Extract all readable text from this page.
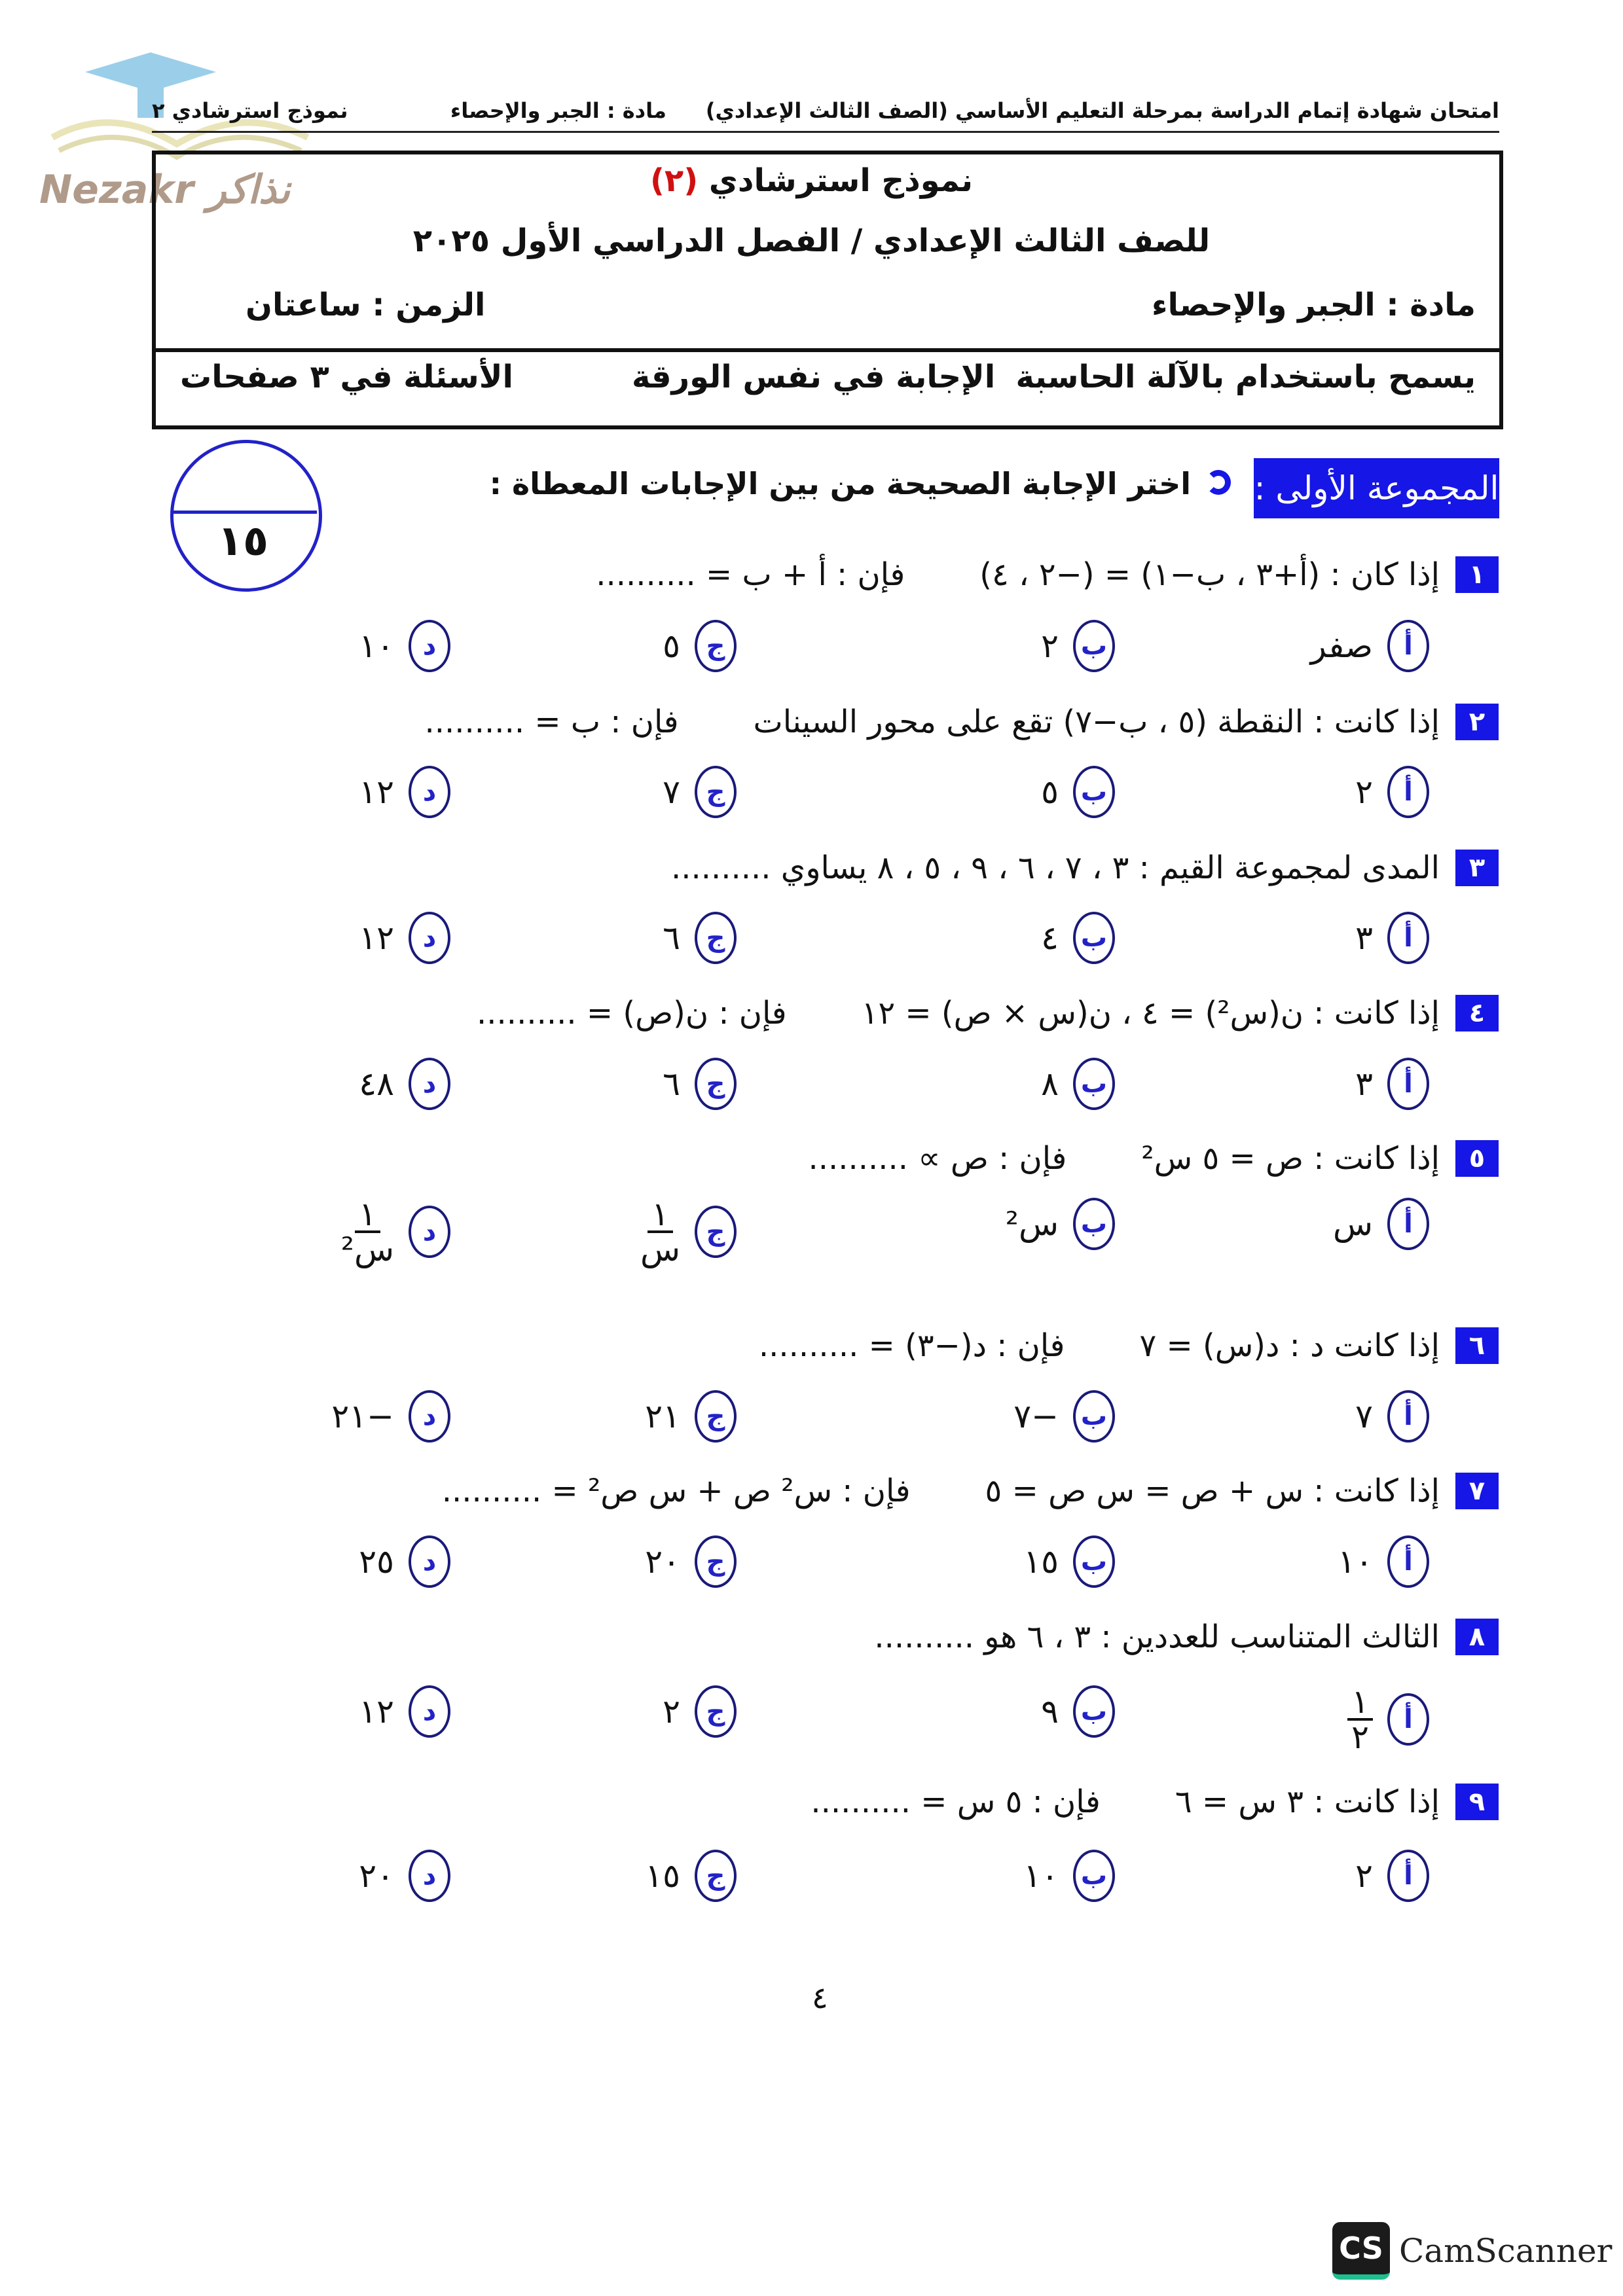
Nezakr نذاكر
امتحان شهادة إتمام الدراسة بمرحلة التعليم الأساسي (الصف الثالث الإعدادي)
مادة : الجبر والإحصاء
نموذج استرشادي ٢
نموذج استرشادي (٢)
للصف الثالث الإعدادي / الفصل الدراسي الأول ٢٠٢٥
مادة : الجبر والإحصاء
الزمن : ساعتان
يسمح باستخدام بالآلة الحاسبة
الإجابة في نفس الورقة
الأسئلة في ٣ صفحات
١٥
المجموعة الأولى :
اختر الإجابة الصحيحة من بين الإجابات المعطاة :
١
إذا كان : (أ+٣ ، ب−١) = (−٢ ، ٤)
فإن : أ + ب = ..........
أ
صفر
ب
٢
ج
٥
د
١٠
٢
إذا كانت : النقطة (٥ ، ب−٧) تقع على محور السينات
فإن : ب = ..........
أ
٢
ب
٥
ج
٧
د
١٢
٣
المدى لمجموعة القيم : ٣ ، ٧ ، ٦ ، ٩ ، ٥ ، ٨ يساوي ..........
أ
٣
ب
٤
ج
٦
د
١٢
٤
إذا كانت : ن(س²) = ٤ ، ن(س × ص) = ١٢
فإن : ن(ص) = ..........
أ
٣
ب
٨
ج
٦
د
٤٨
٥
إذا كانت : ص = ٥ س²
فإن : ص ∝ ..........
أ
س
ب
س²
ج
$\frac{١}{\text{س}}$
د
$\frac{١}{\text{س²}}$
٦
إذا كانت د : د(س) = ٧
فإن : د(−٣) = ..........
أ
٧
ب
−٧
ج
٢١
د
−٢١
٧
إذا كانت : س + ص = س ص = ٥
فإن : س² ص + س ص² = ..........
أ
١٠
ب
١٥
ج
٢٠
د
٢٥
٨
الثالث المتناسب للعددين : ٣ ، ٦ هو ..........
أ
$\frac{١}{٢}$
ب
٩
ج
٢
د
١٢
٩
إذا كانت : ٣ س = ٦
فإن : ٥ س = ..........
أ
٢
ب
١٠
ج
١٥
د
٢٠
٤
CS CamScanner
